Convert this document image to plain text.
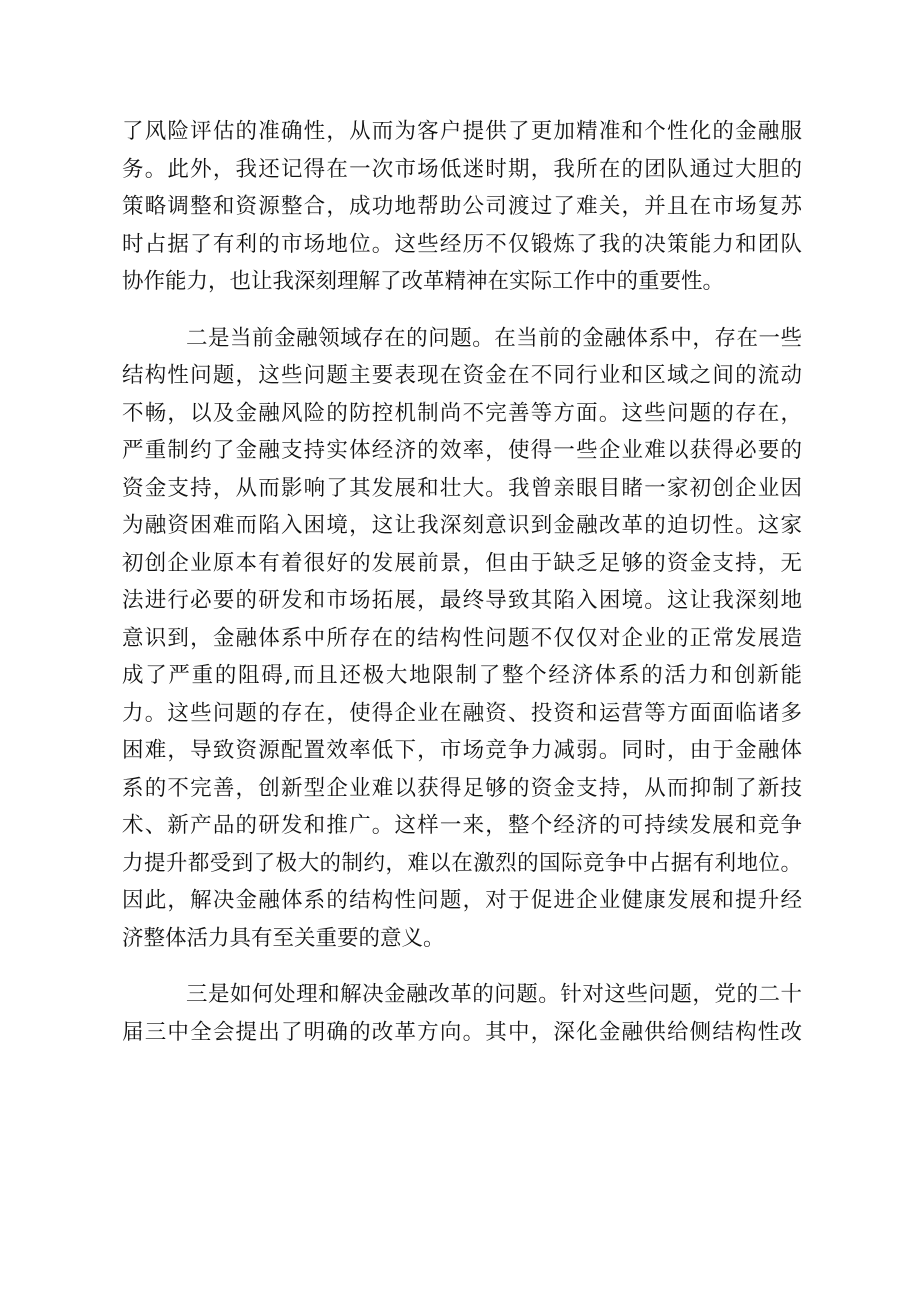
了风险评估的准确性，从而为客户提供了更加精准和个性化的金融服
务。此外，我还记得在一次市场低迷时期，我所在的团队通过大胆的
策略调整和资源整合，成功地帮助公司渡过了难关，并且在市场复苏
时占据了有利的市场地位。这些经历不仅锻炼了我的决策能力和团队
协作能力，也让我深刻理解了改革精神在实际工作中的重要性。
二是当前金融领域存在的问题。在当前的金融体系中，存在一些
结构性问题，这些问题主要表现在资金在不同行业和区域之间的流动
不畅，以及金融风险的防控机制尚不完善等方面。这些问题的存在，
严重制约了金融支持实体经济的效率，使得一些企业难以获得必要的
资金支持，从而影响了其发展和壮大。我曾亲眼目睹一家初创企业因
为融资困难而陷入困境，这让我深刻意识到金融改革的迫切性。这家
初创企业原本有着很好的发展前景，但由于缺乏足够的资金支持，无
法进行必要的研发和市场拓展，最终导致其陷入困境。这让我深刻地
意识到，金融体系中所存在的结构性问题不仅仅对企业的正常发展造
成了严重的阻碍,而且还极大地限制了整个经济体系的活力和创新能
力。这些问题的存在，使得企业在融资、投资和运营等方面面临诸多
困难，导致资源配置效率低下，市场竞争力减弱。同时，由于金融体
系的不完善，创新型企业难以获得足够的资金支持，从而抑制了新技
术、新产品的研发和推广。这样一来，整个经济的可持续发展和竞争
力提升都受到了极大的制约，难以在激烈的国际竞争中占据有利地位。
因此，解决金融体系的结构性问题，对于促进企业健康发展和提升经
济整体活力具有至关重要的意义。
三是如何处理和解决金融改革的问题。针对这些问题，党的二十
届三中全会提出了明确的改革方向。其中，深化金融供给侧结构性改
